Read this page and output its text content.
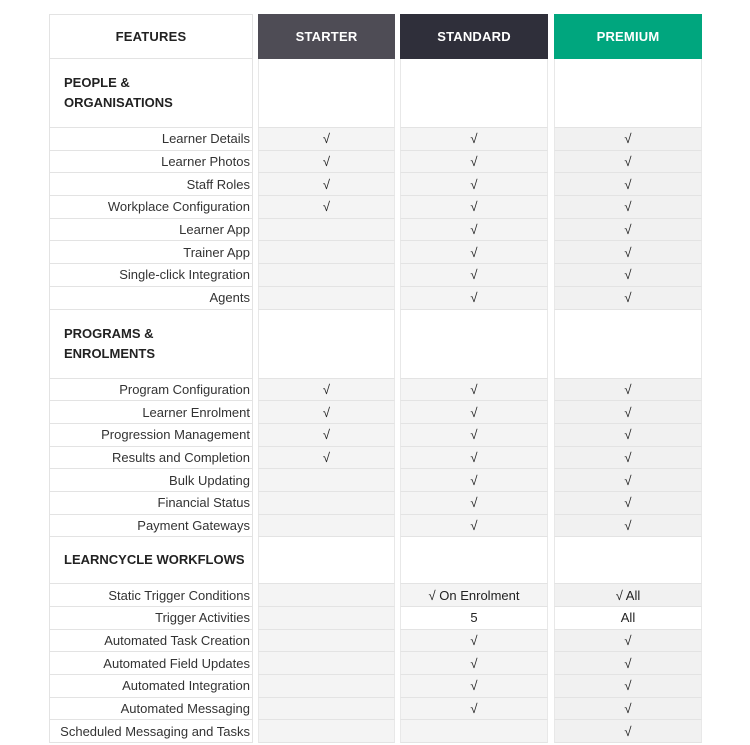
FEATURES
PEOPLE & ORGANISATIONS
Learner Details
Learner Photos
Staff Roles
Workplace Configuration
Learner App
Trainer App
Single-click Integration
Agents
PROGRAMS & ENROLMENTS
Program Configuration
Learner Enrolment
Progression Management
Results and Completion
Bulk Updating
Financial Status
Payment Gateways
LEARNCYCLE WORKFLOWS
Static Trigger Conditions
Trigger Activities
Automated Task Creation
Automated Field Updates
Automated Integration
Automated Messaging
Scheduled Messaging and Tasks
STARTER
√
√
√
√
√
√
√
√
STANDARD
√
√
√
√
√
√
√
√
√
√
√
√
√
√
√
√ On Enrolment
5
√
√
√
√
PREMIUM
√
√
√
√
√
√
√
√
√
√
√
√
√
√
√
√ All
All
√
√
√
√
√
